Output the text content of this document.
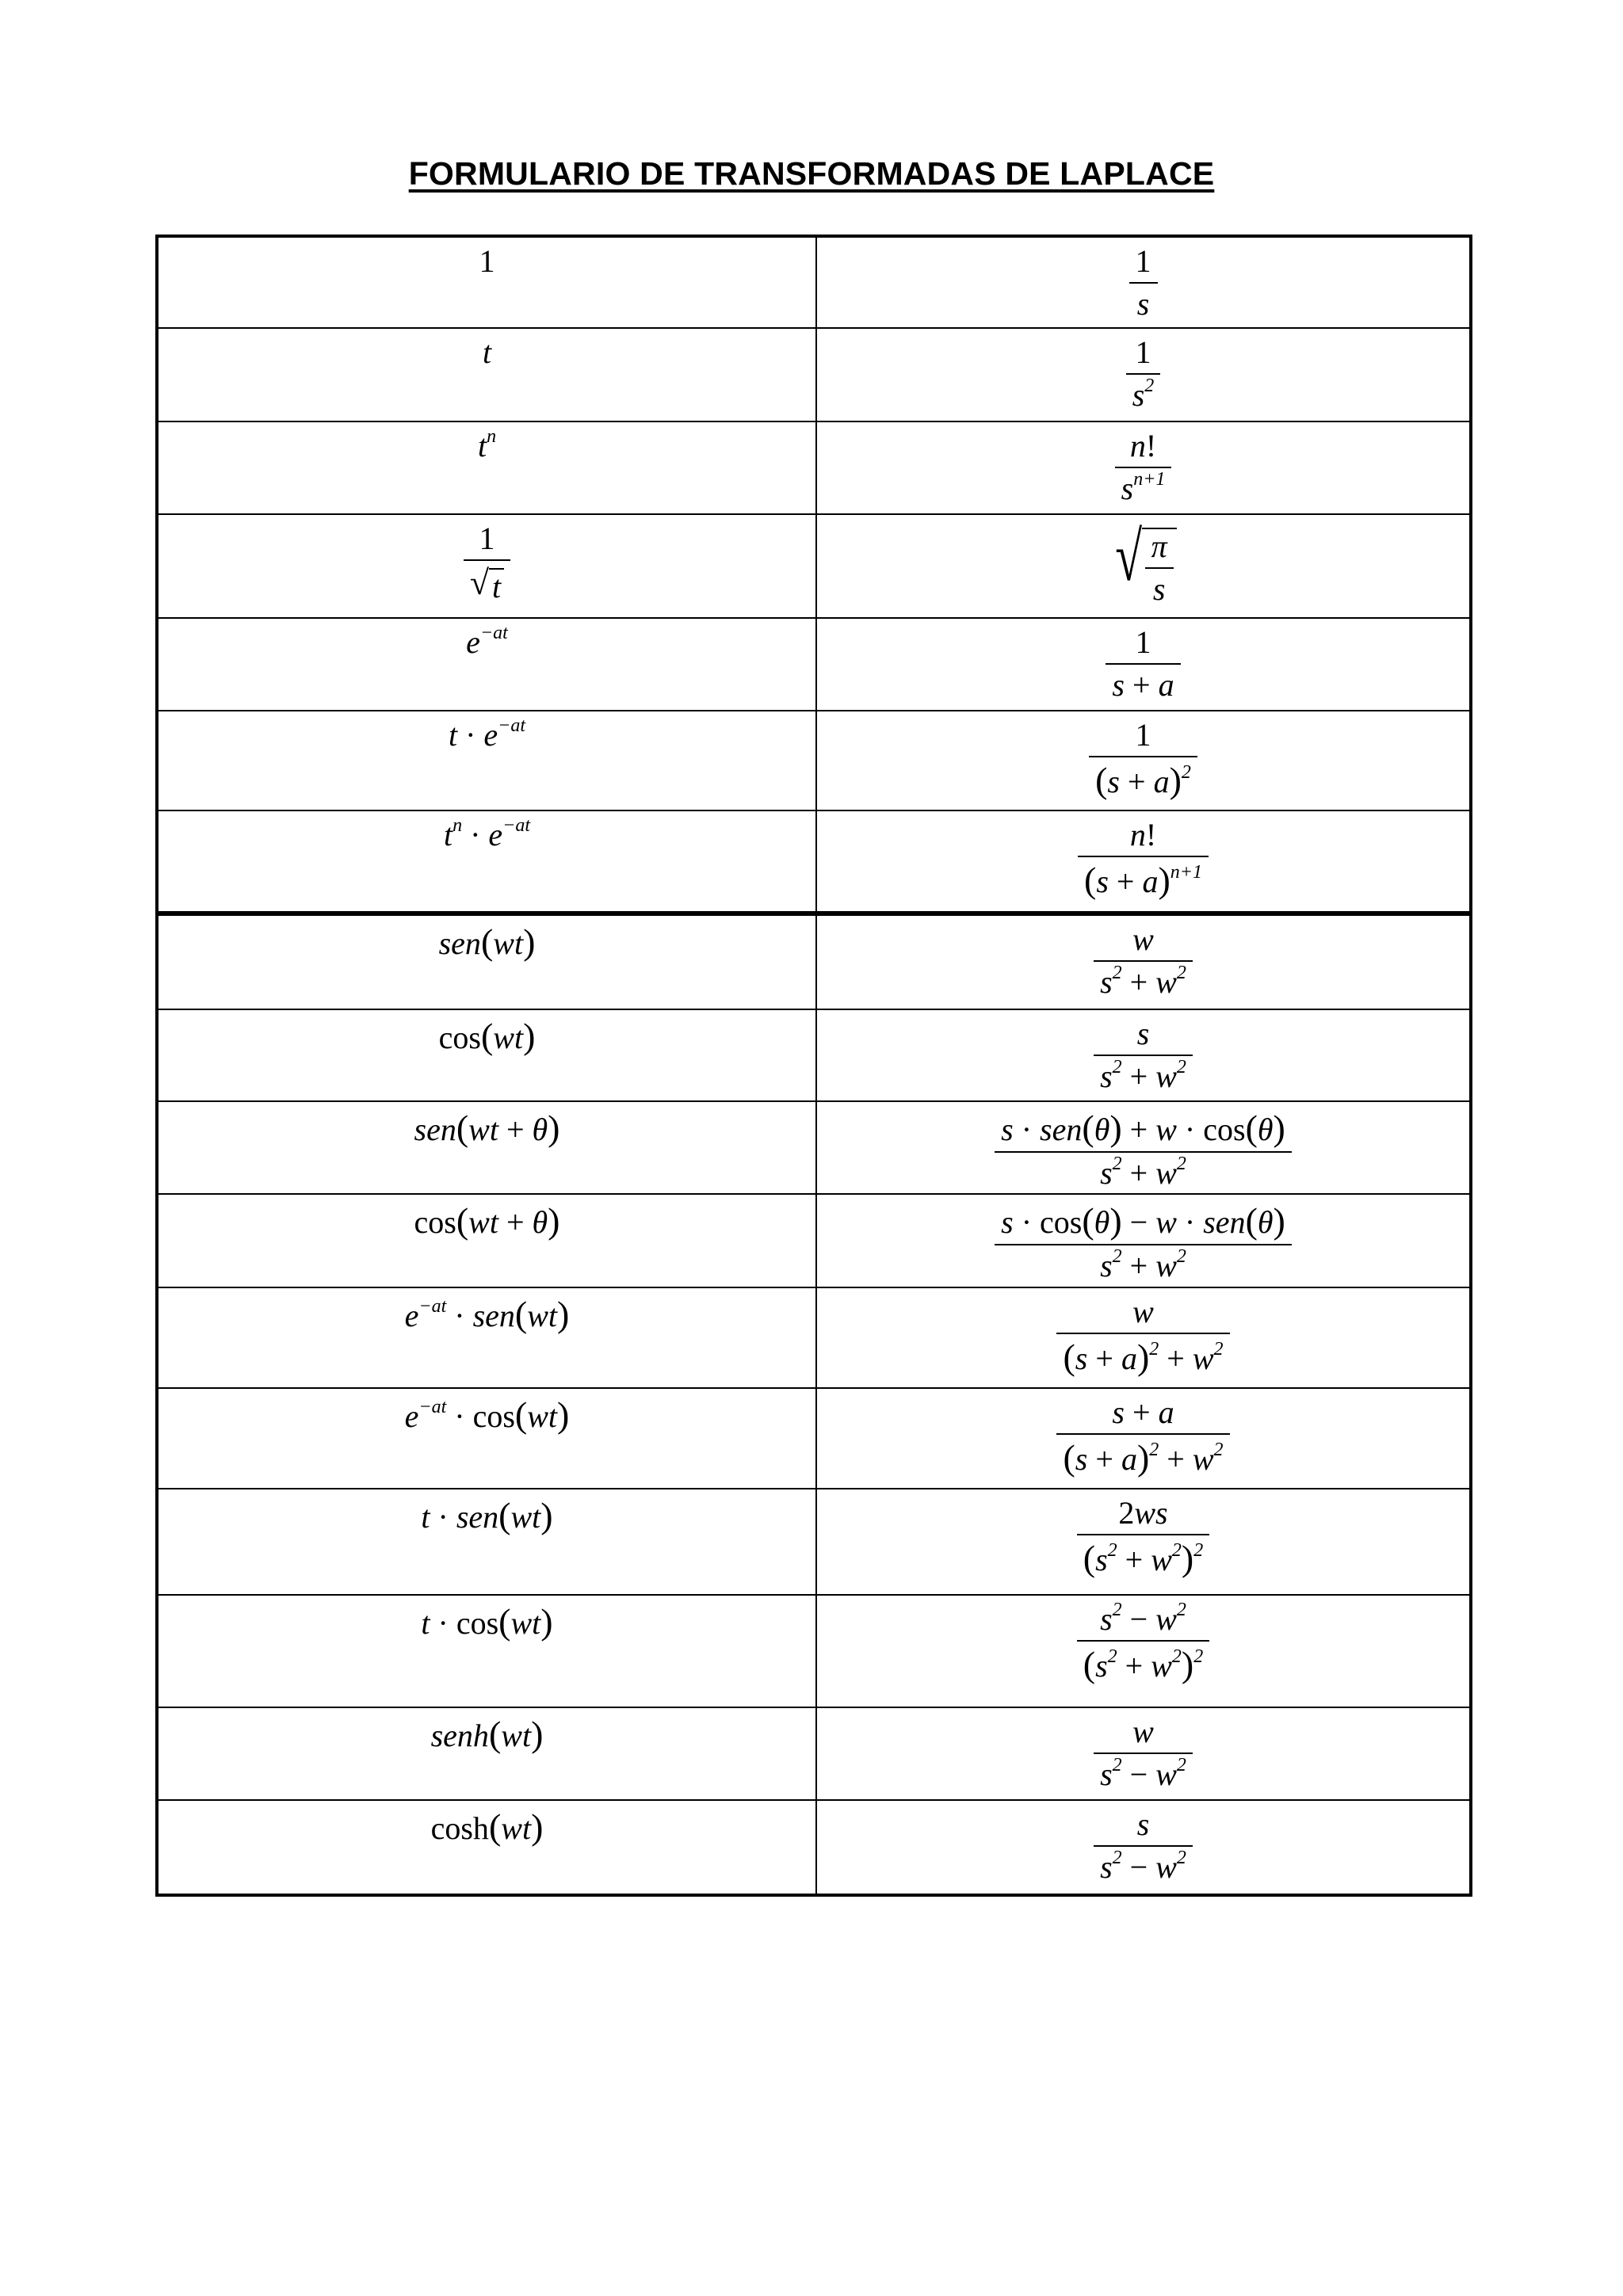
FORMULARIO DE TRANSFORMADAS DE LAPLACE
1	$\frac{1}{s}$

t	$\frac{1}{s^2}$

$t^n$	$\frac{n!}{s^{n+1}}$

$\frac{1}{√ t}$	√ $\frac{\pi}{s}$

$e^{-at}$	$\frac{1}{s + a}$

$t \cdot e^{-at}$	$\frac{1}{(s + a)^2}$

$t^n \cdot e^{-at}$	$\frac{n!}{(s + a)^{n+1}}$

sen(wt)	$\frac{w}{s^2 + w^2}$

cos(wt)	$\frac{s}{s^2 + w^2}$

sen(wt + θ)	$\frac{\text{s · sen(θ) + w · cos(θ)}}{s^2 + w^2}$

cos(wt + θ)	$\frac{\text{s · cos(θ) − w · sen(θ)}}{s^2 + w^2}$

$e^{-at} \cdot sen(wt)$	$\frac{w}{(s + a)^2 + w^2}$

$e^{-at} \cdot \cos(wt)$	$\frac{s + a}{(s + a)^2 + w^2}$

t · sen(wt)	$\frac{2ws}{(s^2 + w^2)^2}$

t · cos(wt)	$\frac{s^2 - w^2}{(s^2 + w^2)^2}$

senh(wt)	$\frac{w}{s^2 - w^2}$

cosh(wt)	$\frac{s}{s^2 - w^2}$
